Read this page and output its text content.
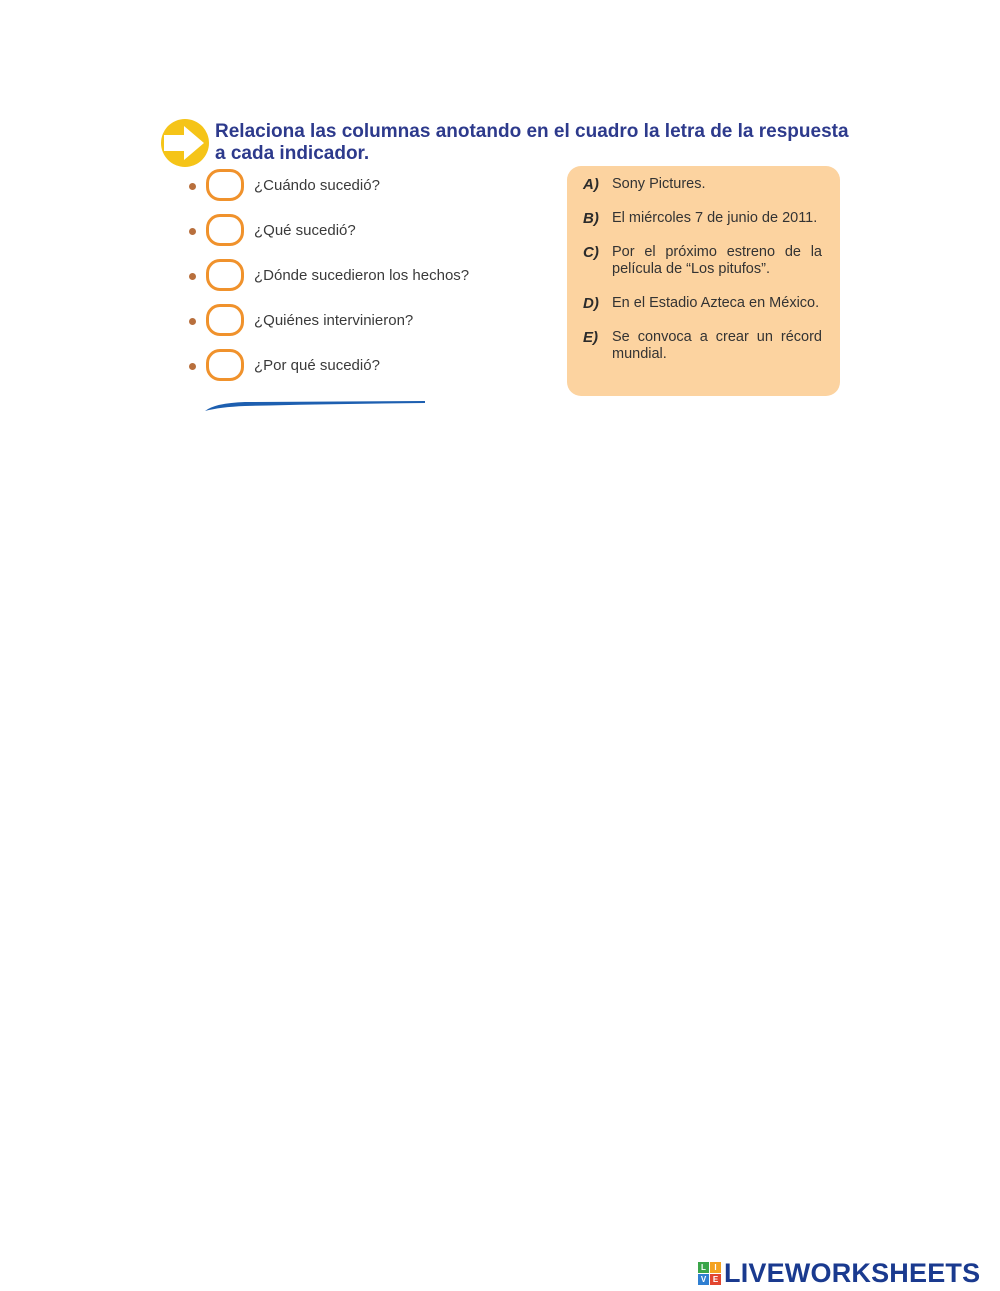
Relaciona las columnas anotando en el cuadro la letra de la respuesta
a cada indicador.
¿Cuándo sucedió?
¿Qué sucedió?
¿Dónde sucedieron los hechos?
¿Quiénes intervinieron?
¿Por qué sucedió?
A) Sony Pictures.
B) El miércoles 7 de junio de 2011.
C) Por el próximo estreno de la película de “Los pitufos”.
D) En el Estadio Azteca en México.
E) Se convoca a crear un récord mundial.
L	I
V E LIVEWORKSHEETS
